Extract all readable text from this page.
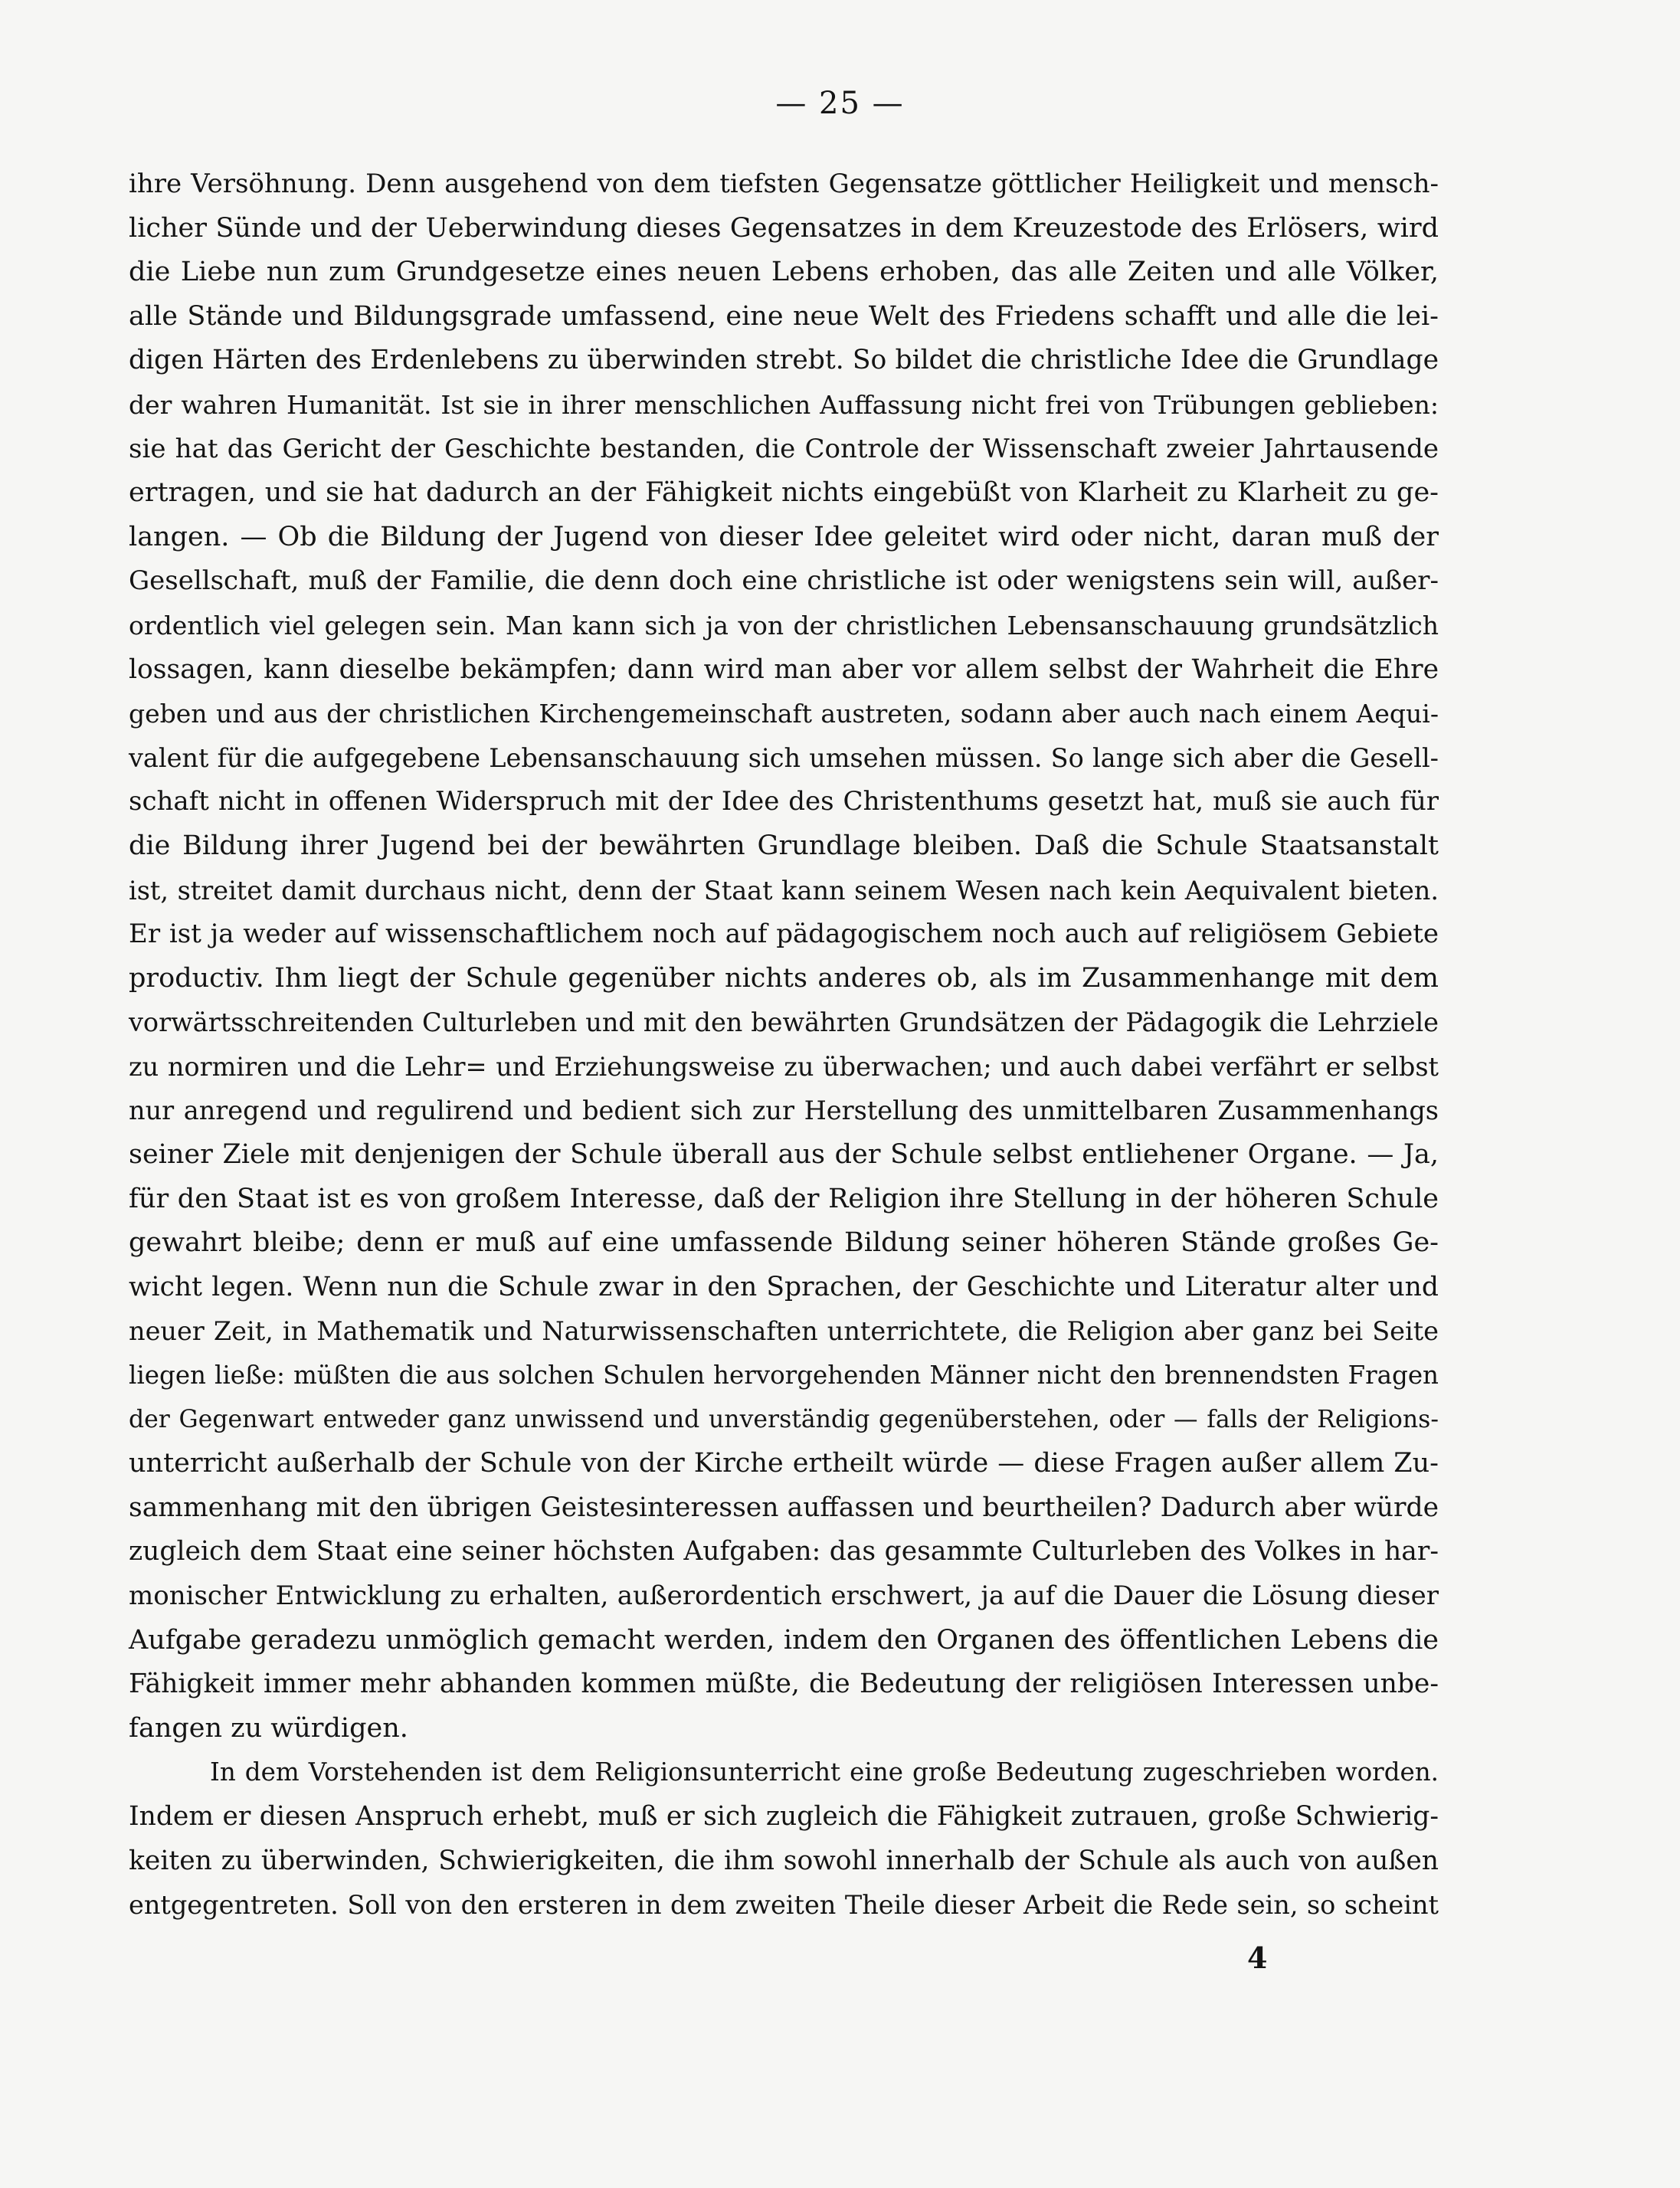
— 25 —
ihre Versöhnung. Denn ausgehend von dem tiefsten Gegensatze göttlicher Heiligkeit und mensch-
licher Sünde und der Ueberwindung dieses Gegensatzes in dem Kreuzestode des Erlösers, wird
die Liebe nun zum Grundgesetze eines neuen Lebens erhoben, das alle Zeiten und alle Völker,
alle Stände und Bildungsgrade umfassend, eine neue Welt des Friedens schafft und alle die lei-
digen Härten des Erdenlebens zu überwinden strebt. So bildet die christliche Idee die Grundlage
der wahren Humanität. Ist sie in ihrer menschlichen Auffassung nicht frei von Trübungen geblieben:
sie hat das Gericht der Geschichte bestanden, die Controle der Wissenschaft zweier Jahrtausende
ertragen, und sie hat dadurch an der Fähigkeit nichts eingebüßt von Klarheit zu Klarheit zu ge-
langen. — Ob die Bildung der Jugend von dieser Idee geleitet wird oder nicht, daran muß der
Gesellschaft, muß der Familie, die denn doch eine christliche ist oder wenigstens sein will, außer-
ordentlich viel gelegen sein. Man kann sich ja von der christlichen Lebensanschauung grundsätzlich
lossagen, kann dieselbe bekämpfen; dann wird man aber vor allem selbst der Wahrheit die Ehre
geben und aus der christlichen Kirchengemeinschaft austreten, sodann aber auch nach einem Aequi-
valent für die aufgegebene Lebensanschauung sich umsehen müssen. So lange sich aber die Gesell-
schaft nicht in offenen Widerspruch mit der Idee des Christenthums gesetzt hat, muß sie auch für
die Bildung ihrer Jugend bei der bewährten Grundlage bleiben. Daß die Schule Staatsanstalt
ist, streitet damit durchaus nicht, denn der Staat kann seinem Wesen nach kein Aequivalent bieten.
Er ist ja weder auf wissenschaftlichem noch auf pädagogischem noch auch auf religiösem Gebiete
productiv. Ihm liegt der Schule gegenüber nichts anderes ob, als im Zusammenhange mit dem
vorwärtsschreitenden Culturleben und mit den bewährten Grundsätzen der Pädagogik die Lehrziele
zu normiren und die Lehr= und Erziehungsweise zu überwachen; und auch dabei verfährt er selbst
nur anregend und regulirend und bedient sich zur Herstellung des unmittelbaren Zusammenhangs
seiner Ziele mit denjenigen der Schule überall aus der Schule selbst entliehener Organe. — Ja,
für den Staat ist es von großem Interesse, daß der Religion ihre Stellung in der höheren Schule
gewahrt bleibe; denn er muß auf eine umfassende Bildung seiner höheren Stände großes Ge-
wicht legen. Wenn nun die Schule zwar in den Sprachen, der Geschichte und Literatur alter und
neuer Zeit, in Mathematik und Naturwissenschaften unterrichtete, die Religion aber ganz bei Seite
liegen ließe: müßten die aus solchen Schulen hervorgehenden Männer nicht den brennendsten Fragen
der Gegenwart entweder ganz unwissend und unverständig gegenüberstehen, oder — falls der Religions-
unterricht außerhalb der Schule von der Kirche ertheilt würde — diese Fragen außer allem Zu-
sammenhang mit den übrigen Geistesinteressen auffassen und beurtheilen? Dadurch aber würde
zugleich dem Staat eine seiner höchsten Aufgaben: das gesammte Culturleben des Volkes in har-
monischer Entwicklung zu erhalten, außerordentich erschwert, ja auf die Dauer die Lösung dieser
Aufgabe geradezu unmöglich gemacht werden, indem den Organen des öffentlichen Lebens die
Fähigkeit immer mehr abhanden kommen müßte, die Bedeutung der religiösen Interessen unbe-
fangen zu würdigen.
In dem Vorstehenden ist dem Religionsunterricht eine große Bedeutung zugeschrieben worden.
Indem er diesen Anspruch erhebt, muß er sich zugleich die Fähigkeit zutrauen, große Schwierig-
keiten zu überwinden, Schwierigkeiten, die ihm sowohl innerhalb der Schule als auch von außen
entgegentreten. Soll von den ersteren in dem zweiten Theile dieser Arbeit die Rede sein, so scheint
4
